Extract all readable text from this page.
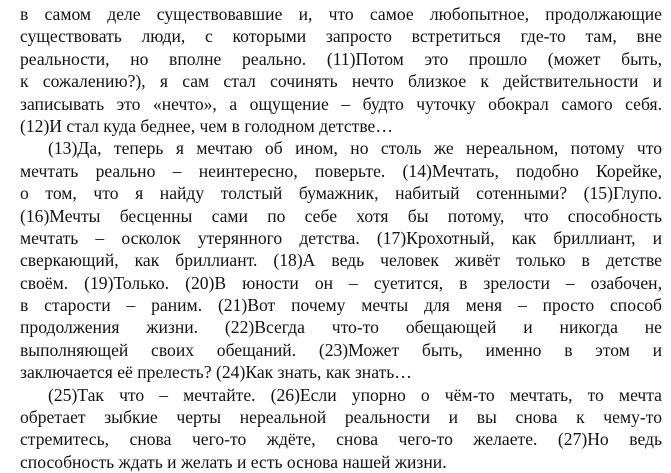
в самом деле существовавшие и, что самое любопытное, продолжающие
существовать люди, с которыми запросто встретиться где-то там, вне
реальности, но вполне реально. (11)Потом это прошло (может быть,
к сожалению?), я сам стал сочинять нечто близкое к действительности и
записывать это «нечто», а ощущение – будто чуточку обокрал самого себя.
(12)И стал куда беднее, чем в голодном детстве…
(13)Да, теперь я мечтаю об ином, но столь же нереальном, потому что
мечтать реально – неинтересно, поверьте. (14)Мечтать, подобно Корейке,
о том, что я найду толстый бумажник, набитый сотенными? (15)Глупо.
(16)Мечты бесценны сами по себе хотя бы потому, что способность
мечтать – осколок утерянного детства. (17)Крохотный, как бриллиант, и
сверкающий, как бриллиант. (18)А ведь человек живёт только в детстве
своём. (19)Только. (20)В юности он – суетится, в зрелости – озабочен,
в старости – раним. (21)Вот почему мечты для меня – просто способ
продолжения жизни. (22)Всегда что-то обещающей и никогда не
выполняющей своих обещаний. (23)Может быть, именно в этом и
заключается её прелесть? (24)Как знать, как знать…
(25)Так что – мечтайте. (26)Если упорно о чём-то мечтать, то мечта
обретает зыбкие черты нереальной реальности и вы снова к чему-то
стремитесь, снова чего-то ждёте, снова чего-то желаете. (27)Но ведь
способность ждать и желать и есть основа нашей жизни.
